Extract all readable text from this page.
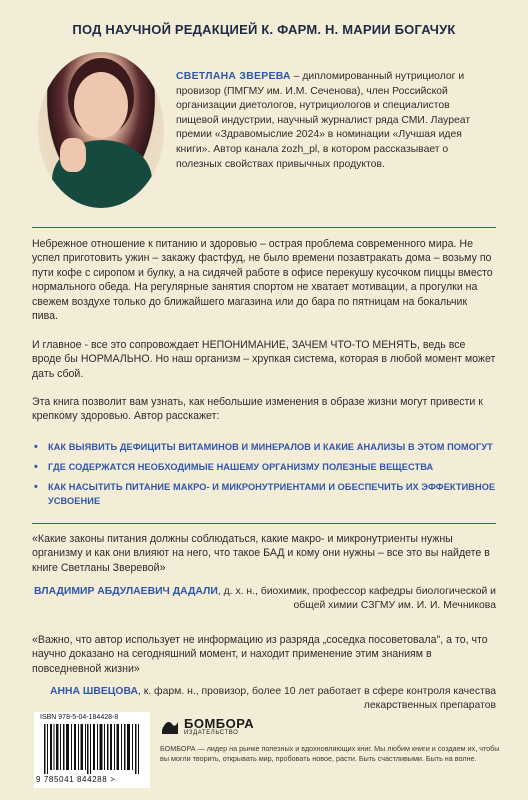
ПОД НАУЧНОЙ РЕДАКЦИЕЙ К. ФАРМ. Н. МАРИИ БОГАЧУК
СВЕТЛАНА ЗВЕРЕВА – дипломированный нутрициолог и провизор (ПМГМУ им. И.М. Сеченова), член Российской организации диетологов, нутрициологов и специалистов пищевой индустрии, научный журналист ряда СМИ. Лауреат премии «Здравомыслие 2024» в номинации «Лучшая идея книги». Автор канала zozh_pl, в котором рассказывает о полезных свойствах привычных продуктов.

Небрежное отношение к питанию и здоровью – острая проблема современного мира. Не успел приготовить ужин – закажу фастфуд, не было времени позавтракать дома – возьму по пути кофе с сиропом и булку, а на сидячей работе в офисе перекушу кусочком пиццы вместо нормального обеда. На регулярные занятия спортом не хватает мотивации, а прогулки на свежем воздухе только до ближайшего магазина или до бара по пятницам на бокальчик пива.

И главное - все это сопровождает НЕПОНИМАНИЕ, ЗАЧЕМ ЧТО-ТО МЕНЯТЬ, ведь все вроде бы НОРМАЛЬНО. Но наш организм – хрупкая система, которая в любой момент может дать сбой.

Эта книга позволит вам узнать, как небольшие изменения в образе жизни могут привести к крепкому здоровью. Автор расскажет:

• КАК ВЫЯВИТЬ ДЕФИЦИТЫ ВИТАМИНОВ И МИНЕРАЛОВ И КАКИЕ АНАЛИЗЫ В ЭТОМ ПОМОГУТ
• ГДЕ СОДЕРЖАТСЯ НЕОБХОДИМЫЕ НАШЕМУ ОРГАНИЗМУ ПОЛЕЗНЫЕ ВЕЩЕСТВА
• КАК НАСЫТИТЬ ПИТАНИЕ МАКРО- И МИКРОНУТРИЕНТАМИ И ОБЕСПЕЧИТЬ ИХ ЭФФЕКТИВНОЕ УСВОЕНИЕ

«Какие законы питания должны соблюдаться, какие макро- и микронутриенты нужны организму и как они влияют на него, что такое БАД и кому они нужны – все это вы найдете в книге Светланы Зверевой»

ВЛАДИМИР АБДУЛАЕВИЧ ДАДАЛИ, д. х. н., биохимик, профессор кафедры биологической и общей химии СЗГМУ им. И. И. Мечникова

«Важно, что автор использует не информацию из разряда „соседка посоветовала", а то, что научно доказано на сегодняшний момент, и находит применение этим знаниям в повседневной жизни»

АННА ШВЕЦОВА, к. фарм. н., провизор, более 10 лет работает в сфере контроля качества лекарственных препаратов

ISBN 978-5-04-184428-8
9 785041 844288 >
БОМБОРА
ИЗДАТЕЛЬСТВО

БОМБОРА — лидер на рынке полезных и вдохновляющих книг. Мы любим книги и создаем их, чтобы вы могли творить, открывать мир, пробовать новое, расти. Быть счастливыми. Быть на волне.
